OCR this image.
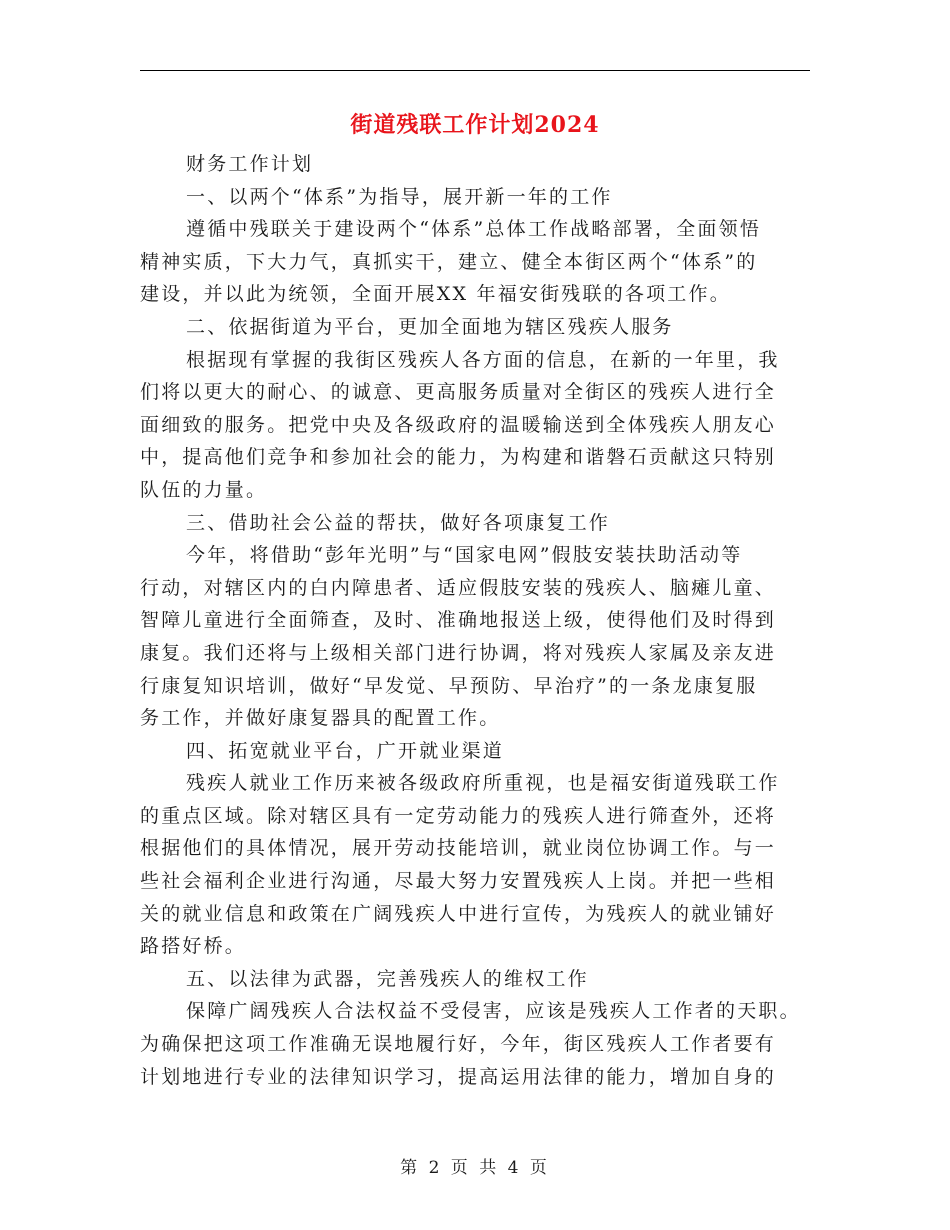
街道残联工作计划2024
财务工作计划
一、以两个“体系”为指导，展开新一年的工作
遵循中残联关于建设两个“体系”总体工作战略部署，全面领悟
精神实质，下大力气，真抓实干，建立、健全本街区两个“体系”的
建设，并以此为统领，全面开展XX 年福安街残联的各项工作。
二、依据街道为平台，更加全面地为辖区残疾人服务
根据现有掌握的我街区残疾人各方面的信息，在新的一年里，我
们将以更大的耐心、的诚意、更高服务质量对全街区的残疾人进行全
面细致的服务。把党中央及各级政府的温暖输送到全体残疾人朋友心
中，提高他们竞争和参加社会的能力，为构建和谐磐石贡献这只特别
队伍的力量。
三、借助社会公益的帮扶，做好各项康复工作
今年，将借助“彭年光明”与“国家电网”假肢安装扶助活动等
行动，对辖区内的白内障患者、适应假肢安装的残疾人、脑瘫儿童、
智障儿童进行全面筛查，及时、准确地报送上级，使得他们及时得到
康复。我们还将与上级相关部门进行协调，将对残疾人家属及亲友进
行康复知识培训，做好“早发觉、早预防、早治疗”的一条龙康复服
务工作，并做好康复器具的配置工作。
四、拓宽就业平台，广开就业渠道
残疾人就业工作历来被各级政府所重视，也是福安街道残联工作
的重点区域。除对辖区具有一定劳动能力的残疾人进行筛查外，还将
根据他们的具体情况，展开劳动技能培训，就业岗位协调工作。与一
些社会福利企业进行沟通，尽最大努力安置残疾人上岗。并把一些相
关的就业信息和政策在广阔残疾人中进行宣传，为残疾人的就业铺好
路搭好桥。
五、以法律为武器，完善残疾人的维权工作
保障广阔残疾人合法权益不受侵害，应该是残疾人工作者的天职。
为确保把这项工作准确无误地履行好，今年，街区残疾人工作者要有
计划地进行专业的法律知识学习，提高运用法律的能力，增加自身的
第 2 页 共 4 页
